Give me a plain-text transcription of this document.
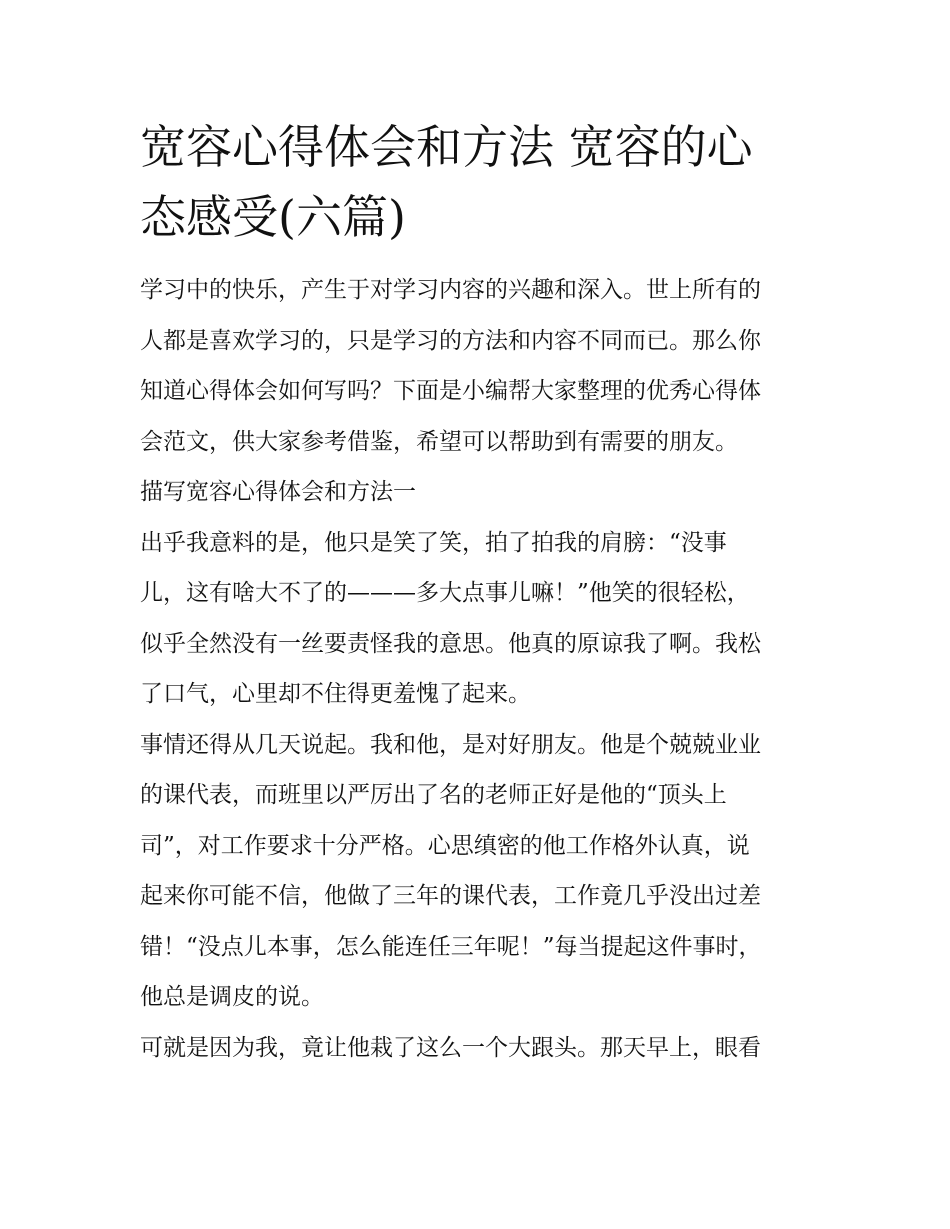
宽容心得体会和方法 宽容的心
态感受(六篇)
学习中的快乐，产生于对学习内容的兴趣和深入。世上所有的
人都是喜欢学习的，只是学习的方法和内容不同而已。那么你
知道心得体会如何写吗？下面是小编帮大家整理的优秀心得体
会范文，供大家参考借鉴，希望可以帮助到有需要的朋友。
描写宽容心得体会和方法一
出乎我意料的是，他只是笑了笑，拍了拍我的肩膀：“没事
儿，这有啥大不了的———多大点事儿嘛！”他笑的很轻松，
似乎全然没有一丝要责怪我的意思。他真的原谅我了啊。我松
了口气，心里却不住得更羞愧了起来。
事情还得从几天说起。我和他，是对好朋友。他是个兢兢业业
的课代表，而班里以严厉出了名的老师正好是他的“顶头上
司”，对工作要求十分严格。心思缜密的他工作格外认真，说
起来你可能不信，他做了三年的课代表，工作竟几乎没出过差
错！“没点儿本事，怎么能连任三年呢！”每当提起这件事时，
他总是调皮的说。
可就是因为我，竟让他栽了这么一个大跟头。那天早上，眼看
